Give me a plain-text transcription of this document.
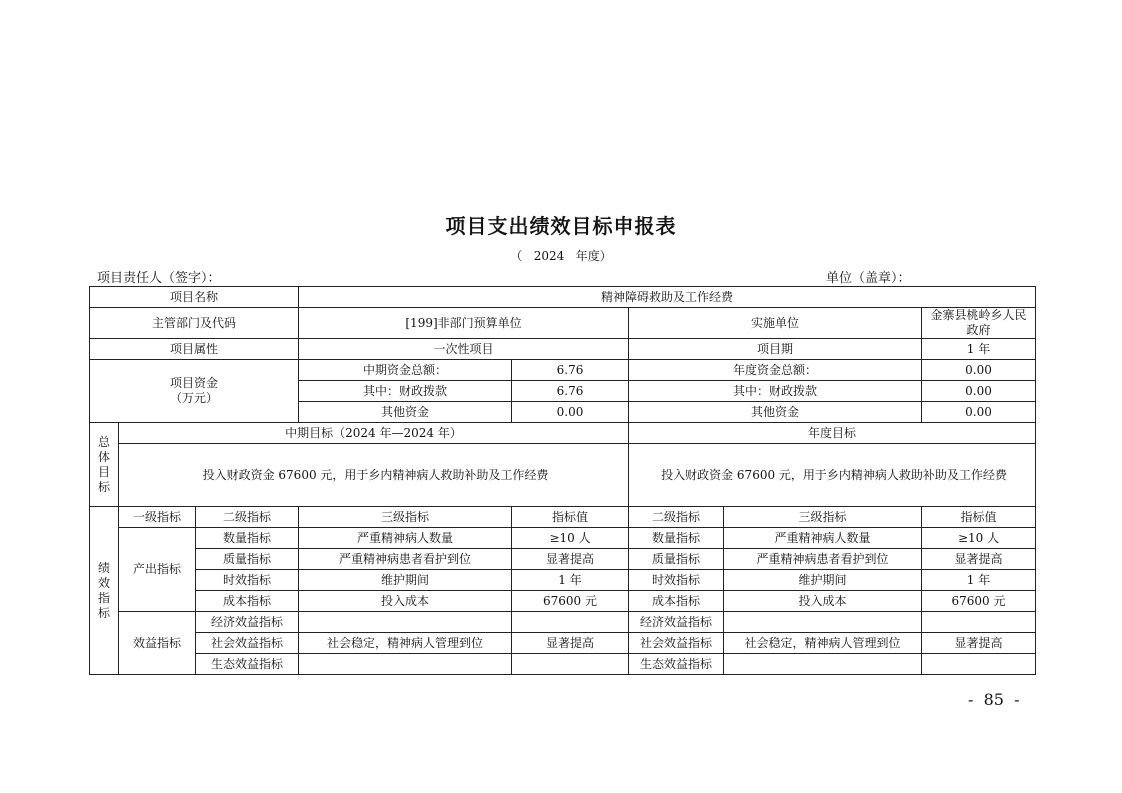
项目支出绩效目标申报表
（   2024   年度）
项目责任人（签字）：	单位（盖章）：
项目名称			精神障碍救助及工作经费				
主管部门及代码			[199]非部门预算单位		实施单位		金寨县桃岭乡人民政府
项目属性			一次性项目		项目期		1 年

项目资金
（万元）			中期资金总额：	6.76	年度资金总额：		0.00
			其中：财政拨款	6.76	其中：财政拨款		0.00
			其他资金	0.00	其他资金		0.00

总
体
目
标	中期目标（2024 年—2024 年）				年度目标		
	投入财政资金 67600 元，用于乡内精神病人救助补助及工作经费				投入财政资金 67600 元，用于乡内精神病人救助补助及工作经费		

绩
效
指
标	一级指标	二级指标	三级指标	指标值	二级指标	三级指标	指标值
	产出指标	数量指标	严重精神病人数量	≥10 人	数量指标	严重精神病人数量	≥10 人
		质量指标	严重精神病患者看护到位	显著提高	质量指标	严重精神病患者看护到位	显著提高
		时效指标	维护期间	1 年	时效指标	维护期间	1 年
		成本指标	投入成本	67600 元	成本指标	投入成本	67600 元
	效益指标	经济效益指标			经济效益指标		
		社会效益指标	社会稳定，精神病人管理到位	显著提高	社会效益指标	社会稳定，精神病人管理到位	显著提高
		生态效益指标			生态效益指标		
-  85  -
